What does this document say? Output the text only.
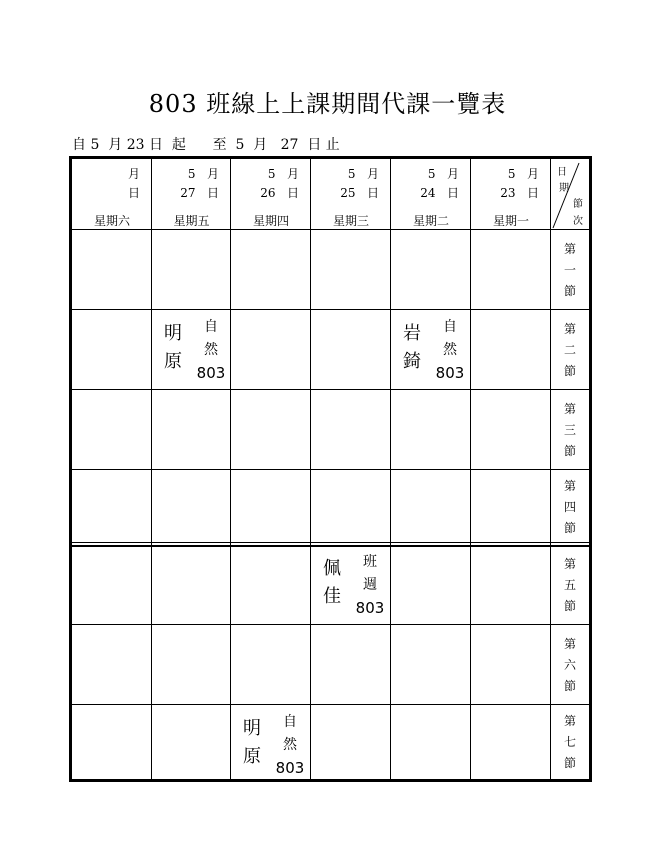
803 班線上上課期間代課一覽表
自 5  月 23 日  起      至  5  月   27  日 止
月
日
星期六
5   月
27   日
星期五
5   月
26   日
星期四
5   月
25   日
星期三
5   月
24   日
星期二
5   月
23   日
星期一
日
期
節
次
第
一
節
第
二
節
第
三
節
第
四
節
第
五
節
第
六
節
第
七
節
明
原
自
然
803
岩
錡
自
然
803
佩
佳
班
週
803
明
原
自
然
803
